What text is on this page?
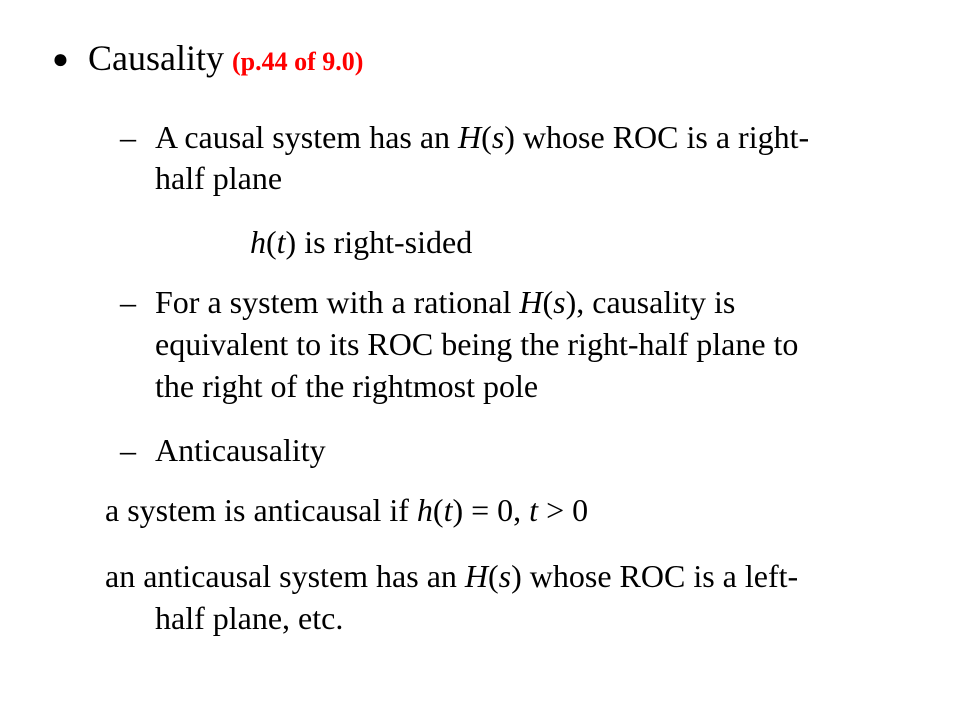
● Causality (p.44 of 9.0)
– A causal system has an H(s) whose ROC is a right-
half plane
h(t) is right-sided
– For a system with a rational H(s), causality is
equivalent to its ROC being the right-half plane to
the right of the rightmost pole
– Anticausality
a system is anticausal if h(t) = 0, t > 0
an anticausal system has an H(s) whose ROC is a left-
half plane, etc.
